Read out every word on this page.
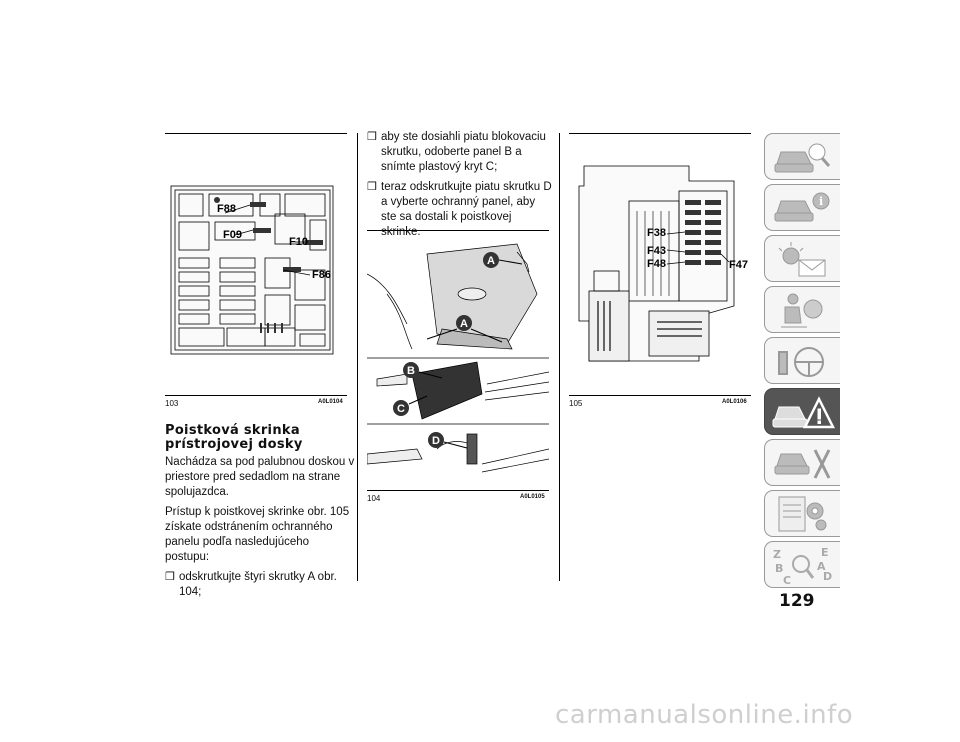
F88
F09
F10
F86
103	A0L0104
Poistková skrinka
prístrojovej dosky

Nachádza sa pod palubnou doskou v priestore pred sedadlom na strane spolujazdca.

Prístup k poistkovej skrinke obr. 105 získate odstránením ochranného panelu podľa nasledujúceho postupu:

❒ odskrutkujte štyri skrutky A obr. 104;
❒ aby ste dosiahli piatu blokovaciu skrutku, odoberte panel B a snímte plastový kryt C;
❒ teraz odskrutkujte piatu skrutku D a vyberte ochranný panel, aby ste sa dostali k poistkovej skrinke.
A
A
B
C
D
104	A0L0105
F38
F43
F48	F47
105	A0L0106
i
Z	E
B	A
C	D
129
carmanualsonline.info
